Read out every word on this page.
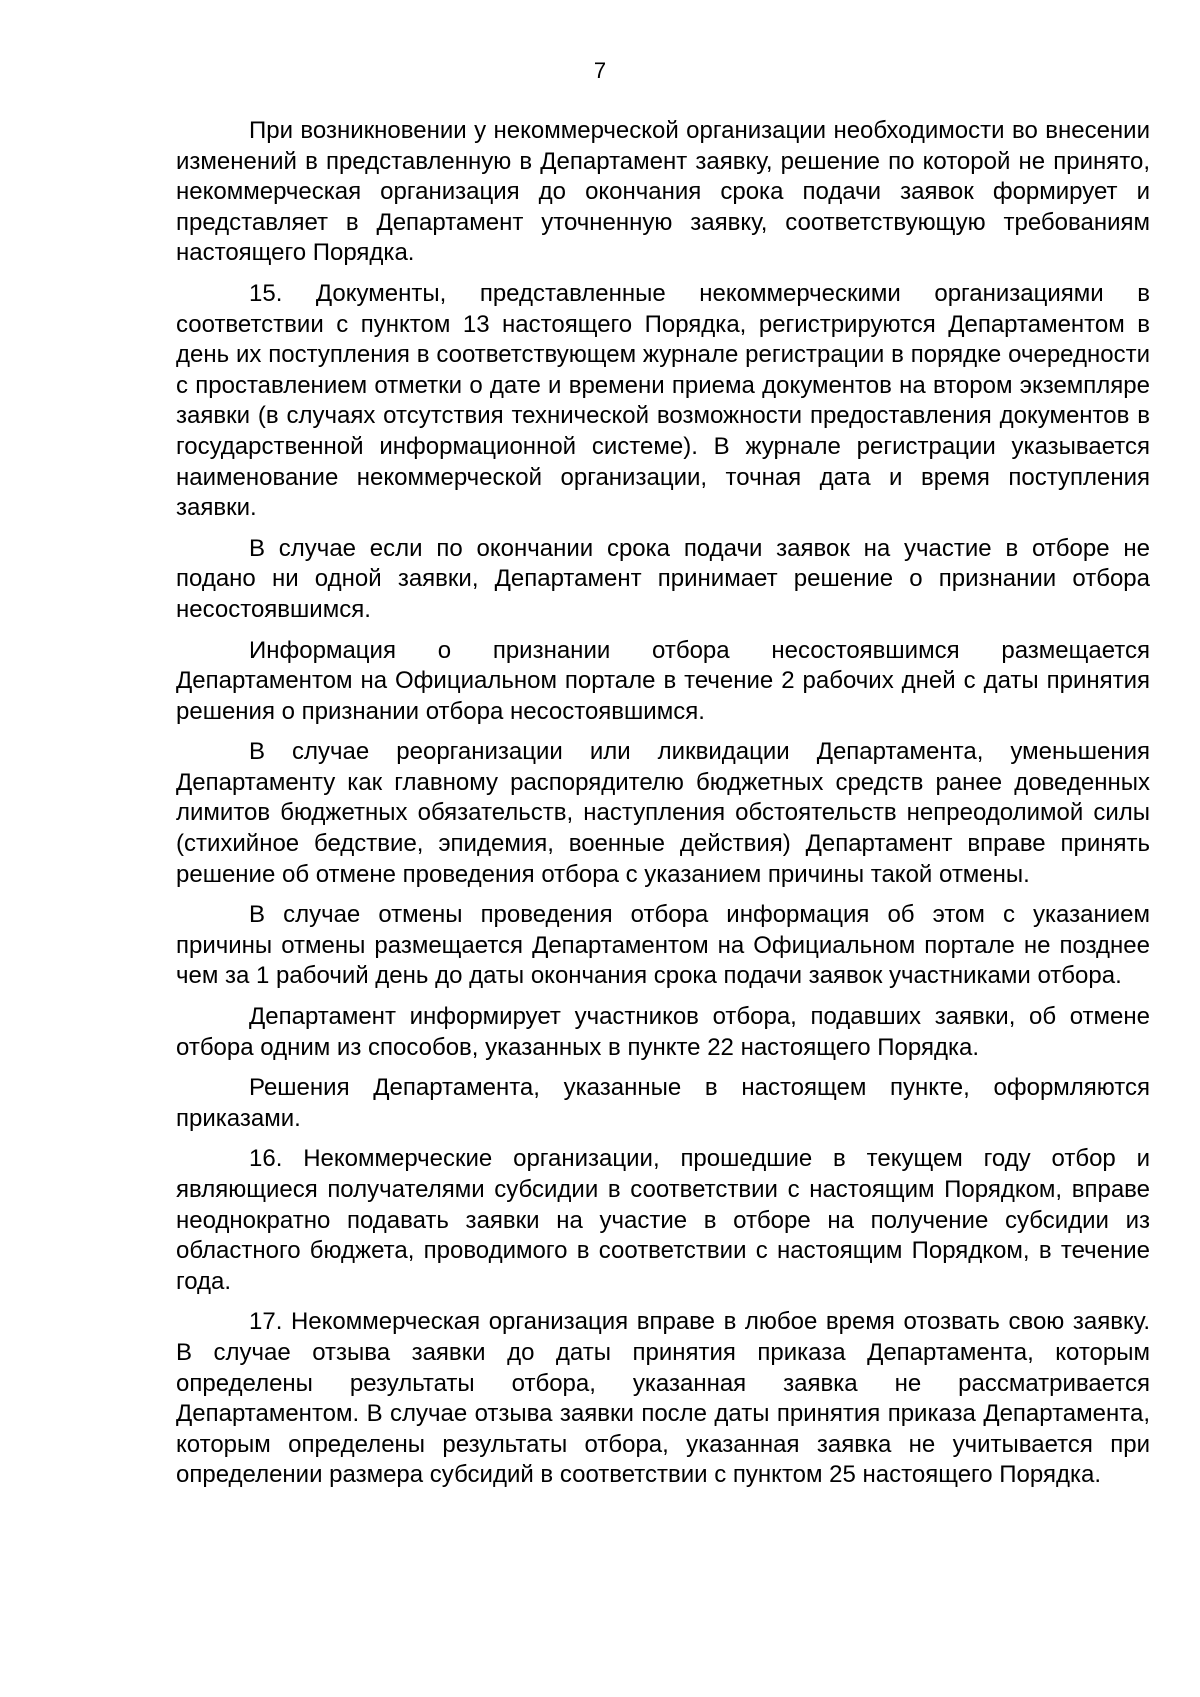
7

При возникновении у некоммерческой организации необходимости во внесении изменений в представленную в Департамент заявку, решение по которой не принято, некоммерческая организация до окончания срока подачи заявок формирует и представляет в Департамент уточненную заявку, соответствующую требованиям настоящего Порядка.

15. Документы, представленные некоммерческими организациями в соответствии с пунктом 13 настоящего Порядка, регистрируются Департаментом в день их поступления в соответствующем журнале регистрации в порядке очередности с проставлением отметки о дате и времени приема документов на втором экземпляре заявки (в случаях отсутствия технической возможности предоставления документов в государственной информационной системе). В журнале регистрации указывается наименование некоммерческой организации, точная дата и время поступления заявки.

В случае если по окончании срока подачи заявок на участие в отборе не подано ни одной заявки, Департамент принимает решение о признании отбора несостоявшимся.

Информация о признании отбора несостоявшимся размещается Департаментом на Официальном портале в течение 2 рабочих дней с даты принятия решения о признании отбора несостоявшимся.

В случае реорганизации или ликвидации Департамента, уменьшения Департаменту как главному распорядителю бюджетных средств ранее доведенных лимитов бюджетных обязательств, наступления обстоятельств непреодолимой силы (стихийное бедствие, эпидемия, военные действия) Департамент вправе принять решение об отмене проведения отбора с указанием причины такой отмены.

В случае отмены проведения отбора информация об этом с указанием причины отмены размещается Департаментом на Официальном портале не позднее чем за 1 рабочий день до даты окончания срока подачи заявок участниками отбора.

Департамент информирует участников отбора, подавших заявки, об отмене отбора одним из способов, указанных в пункте 22 настоящего Порядка.

Решения Департамента, указанные в настоящем пункте, оформляются приказами.

16. Некоммерческие организации, прошедшие в текущем году отбор и являющиеся получателями субсидии в соответствии с настоящим Порядком, вправе неоднократно подавать заявки на участие в отборе на получение субсидии из областного бюджета, проводимого в соответствии с настоящим Порядком, в течение года.

17. Некоммерческая организация вправе в любое время отозвать свою заявку. В случае отзыва заявки до даты принятия приказа Департамента, которым определены результаты отбора, указанная заявка не рассматривается Департаментом. В случае отзыва заявки после даты принятия приказа Департамента, которым определены результаты отбора, указанная заявка не учитывается при определении размера субсидий в соответствии с пунктом 25 настоящего Порядка.
